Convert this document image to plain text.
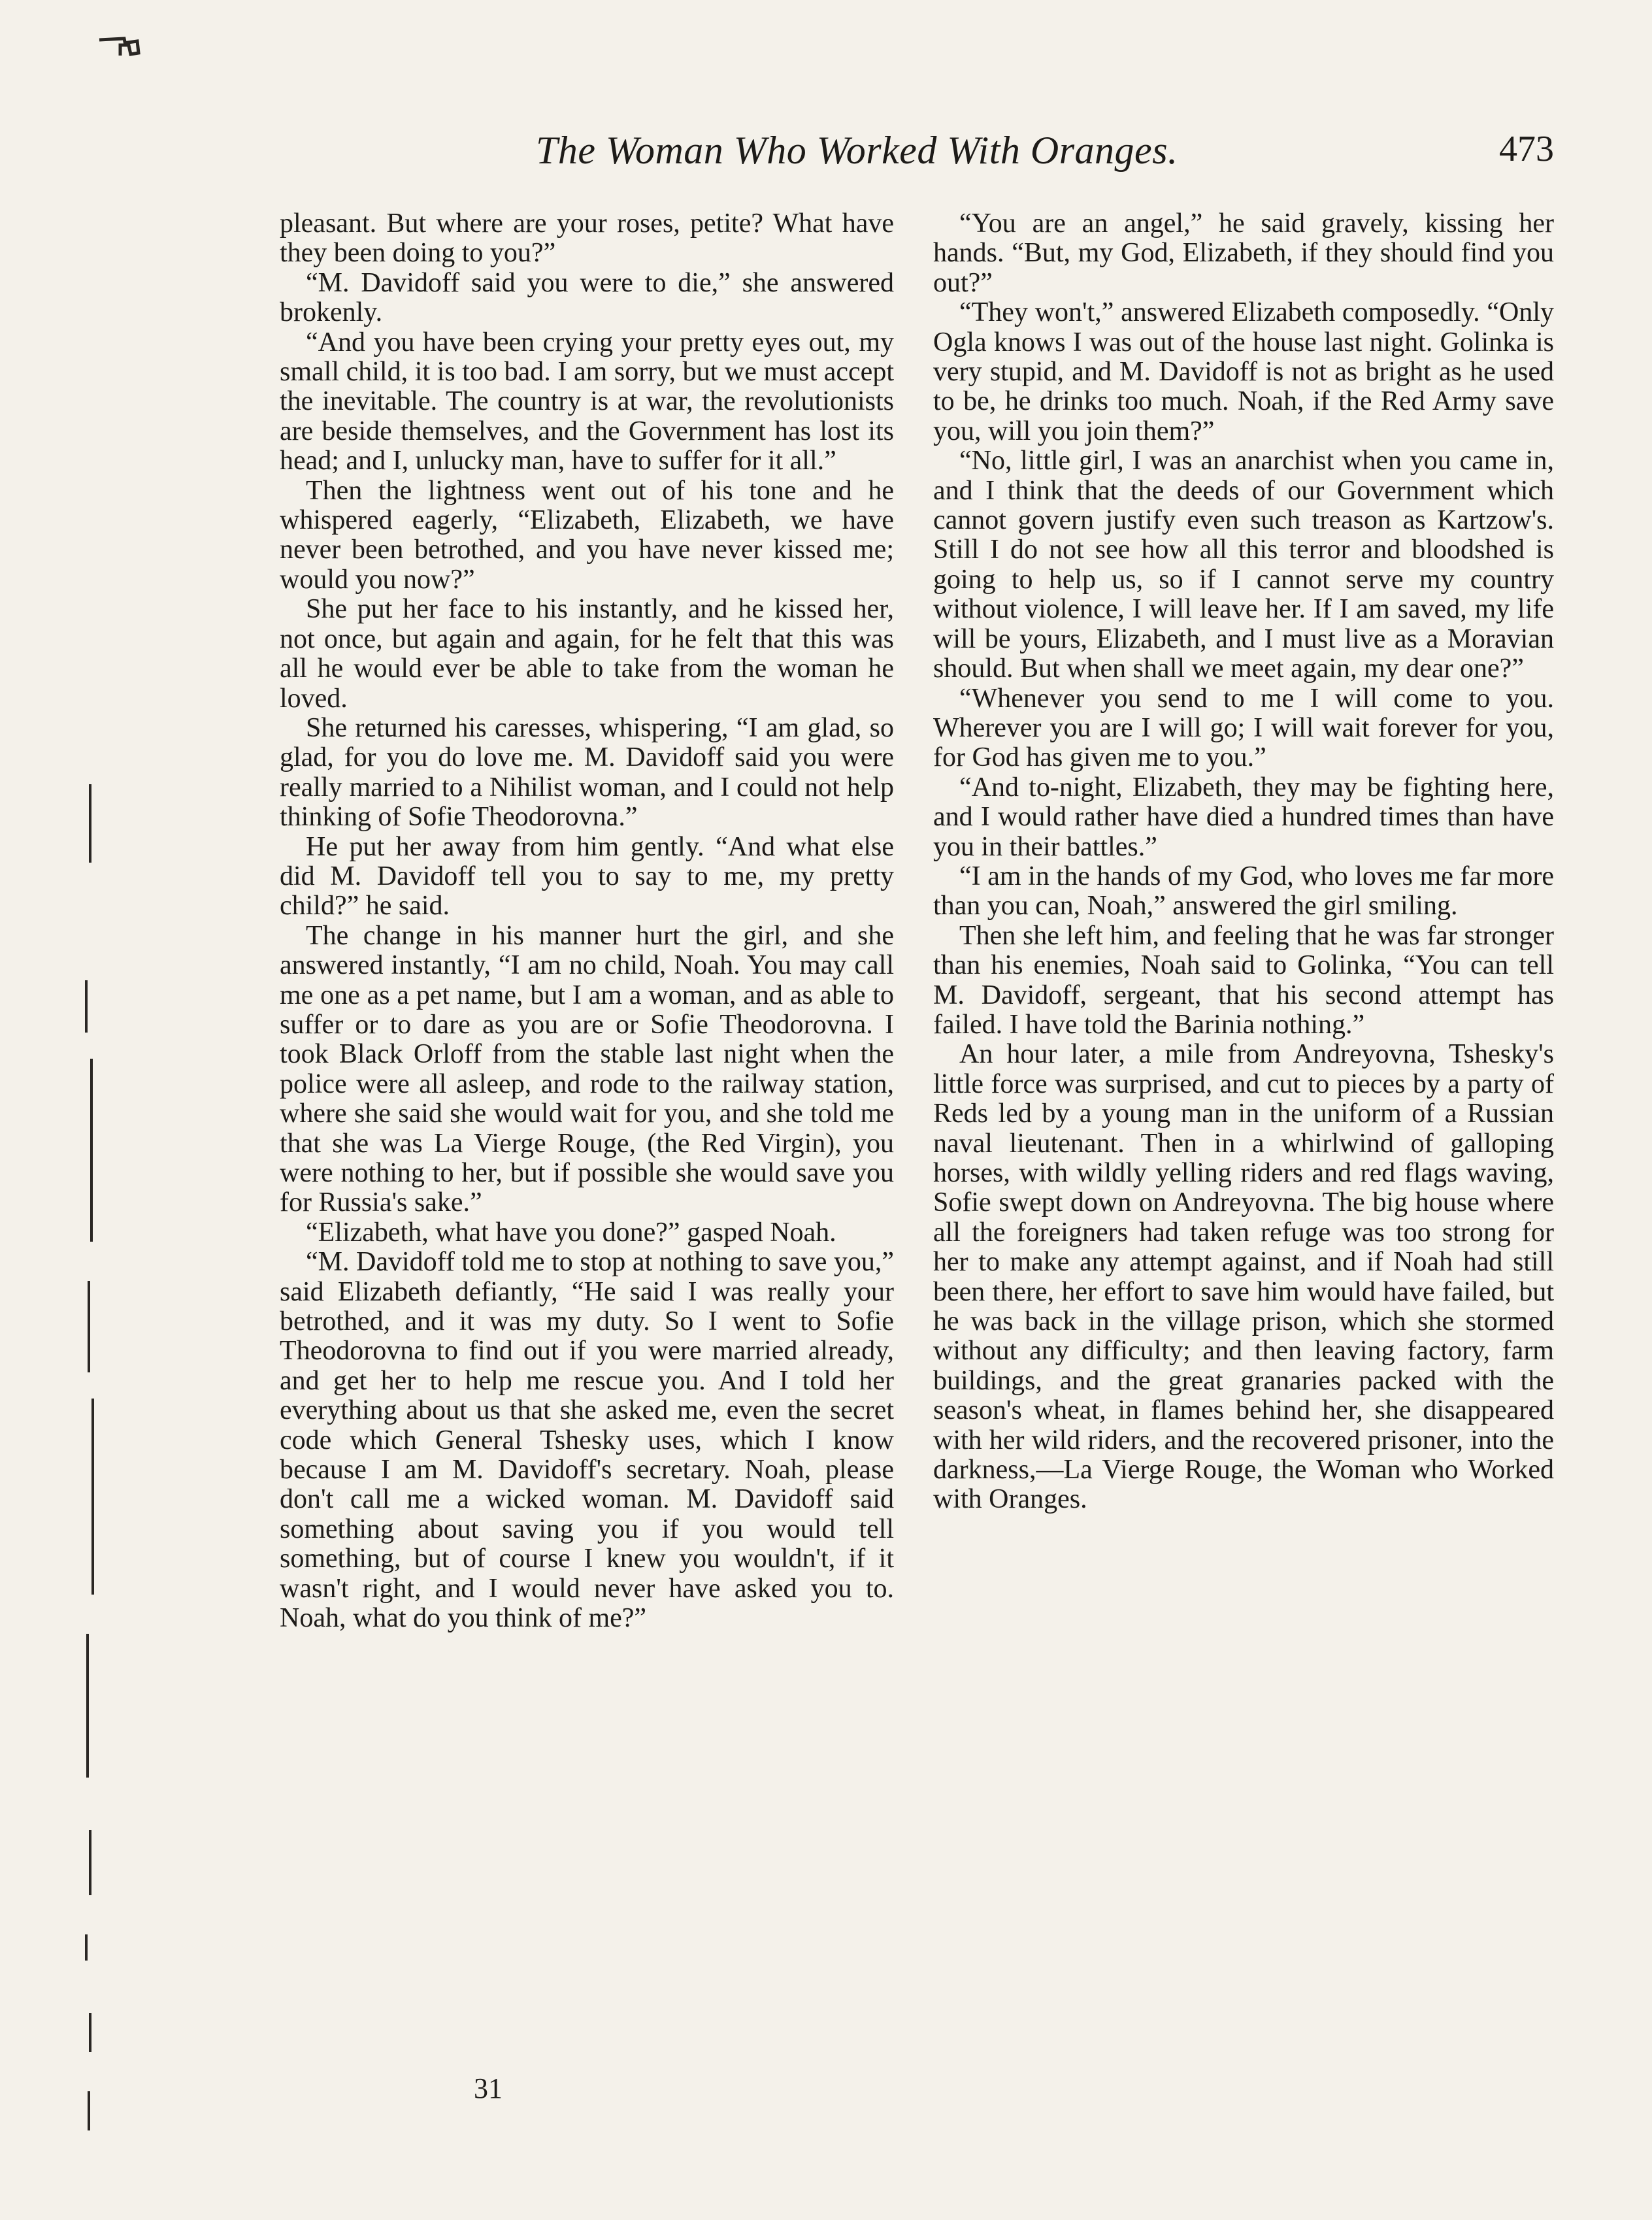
The Woman Who Worked With Oranges.	473

pleasant. But where are your roses, petite? What have they been doing to you?”

“M. Davidoff said you were to die,” she answered brokenly.

“And you have been crying your pretty eyes out, my small child, it is too bad. I am sorry, but we must accept the inevitable. The country is at war, the revolutionists are beside themselves, and the Government has lost its head; and I, unlucky man, have to suffer for it all.”

Then the lightness went out of his tone and he whispered eagerly, “Elizabeth, Elizabeth, we have never been betrothed, and you have never kissed me; would you now?”

She put her face to his instantly, and he kissed her, not once, but again and again, for he felt that this was all he would ever be able to take from the woman he loved.

She returned his caresses, whispering, “I am glad, so glad, for you do love me. M. Davidoff said you were really married to a Nihilist woman, and I could not help thinking of Sofie Theodorovna.”

He put her away from him gently. “And what else did M. Davidoff tell you to say to me, my pretty child?” he said.

The change in his manner hurt the girl, and she answered instantly, “I am no child, Noah. You may call me one as a pet name, but I am a woman, and as able to suffer or to dare as you are or Sofie Theodorovna. I took Black Orloff from the stable last night when the police were all asleep, and rode to the railway station, where she said she would wait for you, and she told me that she was La Vierge Rouge, (the Red Virgin), you were nothing to her, but if possible she would save you for Russia's sake.”

“Elizabeth, what have you done?” gasped Noah.

“M. Davidoff told me to stop at nothing to save you,” said Elizabeth defiantly, “He said I was really your betrothed, and it was my duty. So I went to Sofie Theodorovna to find out if you were married already, and get her to help me rescue you. And I told her everything about us that she asked me, even the secret code which General Tshesky uses, which I know because I am M. Davidoff's secretary. Noah, please don't call me a wicked woman. M. Davidoff said something about saving you if you would tell something, but of course I knew you wouldn't, if it wasn't right, and I would never have asked you to. Noah, what do you think of me?”

“You are an angel,” he said gravely, kissing her hands. “But, my God, Elizabeth, if they should find you out?”

“They won't,” answered Elizabeth composedly. “Only Ogla knows I was out of the house last night. Golinka is very stupid, and M. Davidoff is not as bright as he used to be, he drinks too much. Noah, if the Red Army save you, will you join them?”

“No, little girl, I was an anarchist when you came in, and I think that the deeds of our Government which cannot govern justify even such treason as Kartzow's. Still I do not see how all this terror and bloodshed is going to help us, so if I cannot serve my country without violence, I will leave her. If I am saved, my life will be yours, Elizabeth, and I must live as a Moravian should. But when shall we meet again, my dear one?”

“Whenever you send to me I will come to you. Wherever you are I will go; I will wait forever for you, for God has given me to you.”

“And to-night, Elizabeth, they may be fighting here, and I would rather have died a hundred times than have you in their battles.”

“I am in the hands of my God, who loves me far more than you can, Noah,” answered the girl smiling.

Then she left him, and feeling that he was far stronger than his enemies, Noah said to Golinka, “You can tell M. Davidoff, sergeant, that his second attempt has failed. I have told the Barinia nothing.”

An hour later, a mile from Andreyovna, Tshesky's little force was surprised, and cut to pieces by a party of Reds led by a young man in the uniform of a Russian naval lieutenant. Then in a whirlwind of galloping horses, with wildly yelling riders and red flags waving, Sofie swept down on Andreyovna. The big house where all the foreigners had taken refuge was too strong for her to make any attempt against, and if Noah had still been there, her effort to save him would have failed, but he was back in the village prison, which she stormed without any difficulty; and then leaving factory, farm buildings, and the great granaries packed with the season's wheat, in flames behind her, she disappeared with her wild riders, and the recovered prisoner, into the darkness,—La Vierge Rouge, the Woman who Worked with Oranges.

31
